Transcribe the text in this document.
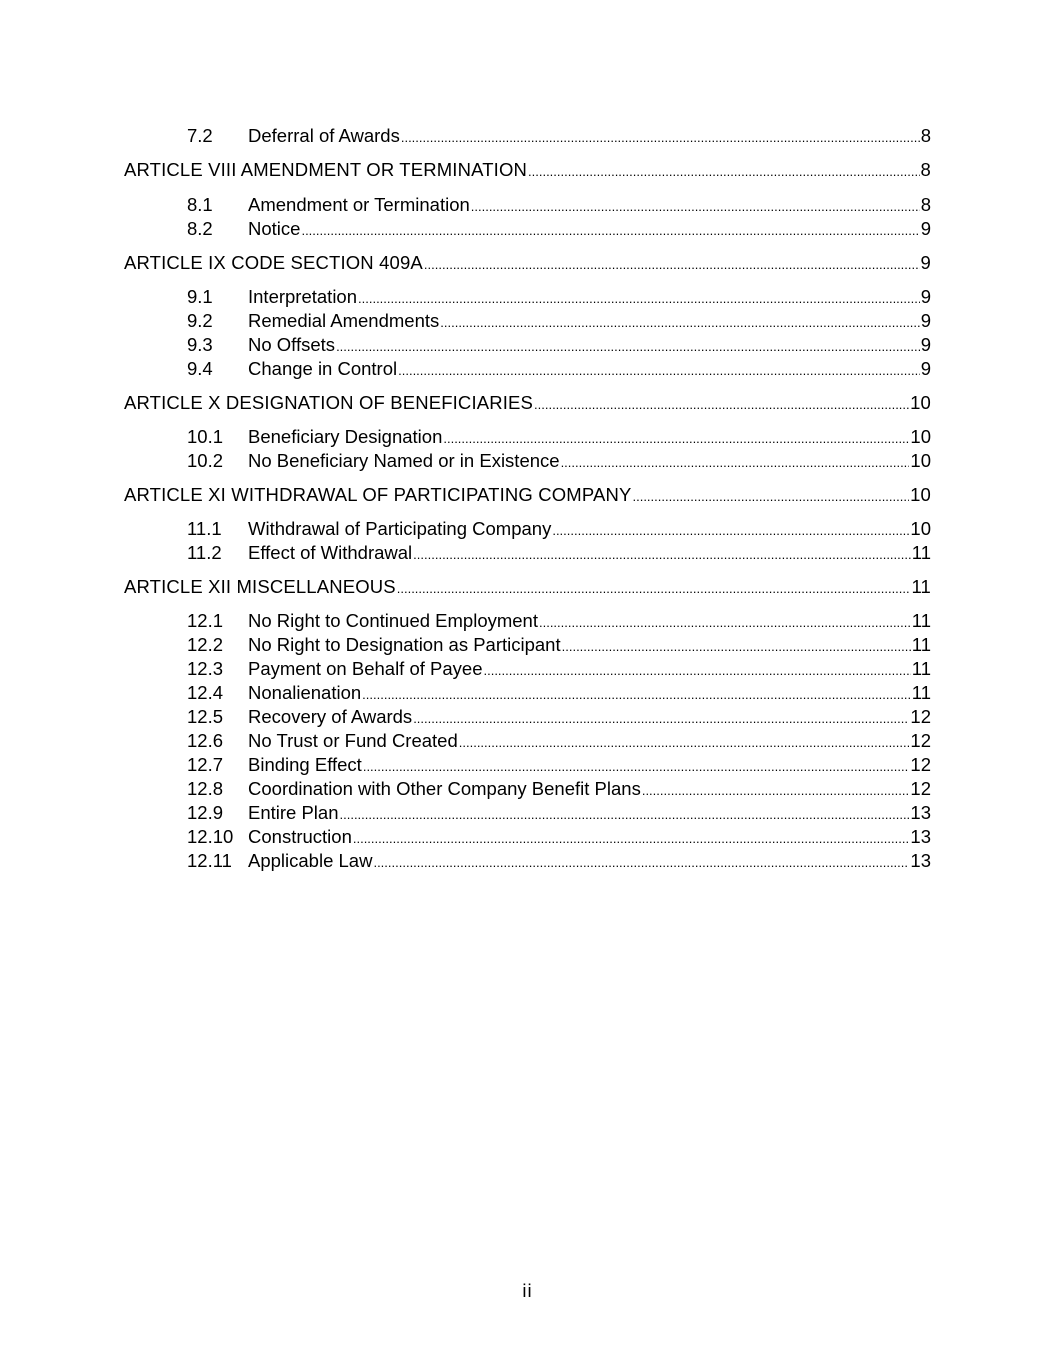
7.2 Deferral of Awards .....	8
ARTICLE VIII AMENDMENT OR TERMINATION .....	8
8.1 Amendment or Termination .....	8
8.2 Notice .....	9
ARTICLE IX CODE SECTION 409A .....	9
9.1 Interpretation .....	9
9.2 Remedial Amendments .....	9
9.3 No Offsets .....	9
9.4 Change in Control .....	9
ARTICLE X DESIGNATION OF BENEFICIARIES .....	10
10.1 Beneficiary Designation .....	10
10.2 No Beneficiary Named or in Existence .....	10
ARTICLE XI WITHDRAWAL OF PARTICIPATING COMPANY .....	10
11.1 Withdrawal of Participating Company .....	10
11.2 Effect of Withdrawal .....	11
ARTICLE XII MISCELLANEOUS .....	11
12.1 No Right to Continued Employment .....	11
12.2 No Right to Designation as Participant .....	11
12.3 Payment on Behalf of Payee .....	11
12.4 Nonalienation .....	11
12.5 Recovery of Awards .....	12
12.6 No Trust or Fund Created .....	12
12.7 Binding Effect .....	12
12.8 Coordination with Other Company Benefit Plans .....	12
12.9 Entire Plan .....	13
12.10 Construction .....	13
12.11 Applicable Law .....	13
ii
